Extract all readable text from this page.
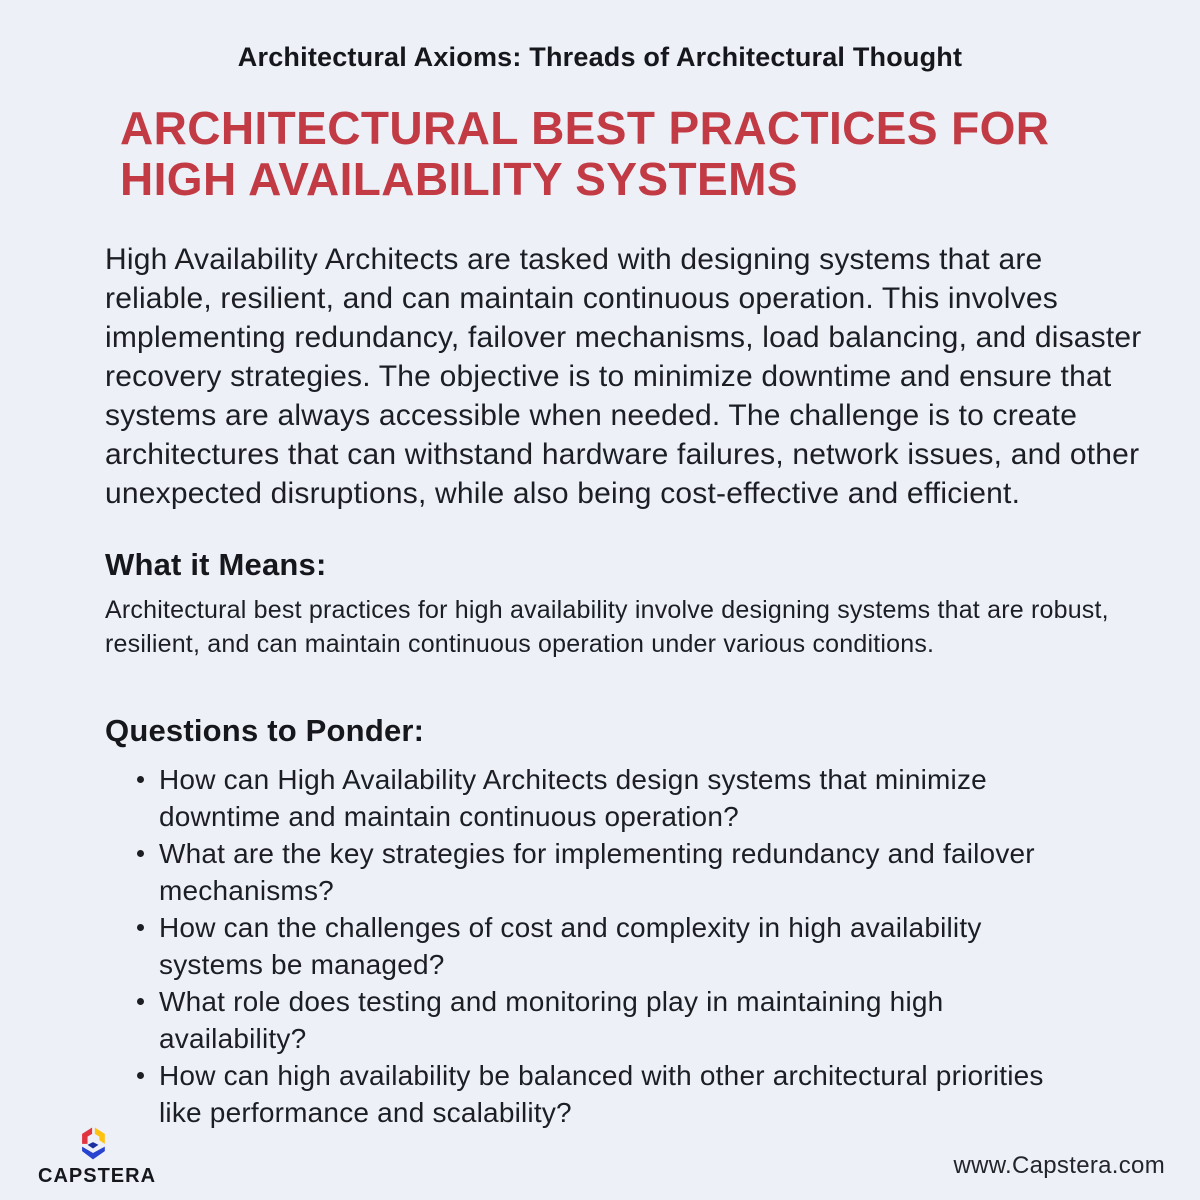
Architectural Axioms: Threads of Architectural Thought
ARCHITECTURAL BEST PRACTICES FOR
HIGH AVAILABILITY SYSTEMS

High Availability Architects are tasked with designing systems that are reliable, resilient, and can maintain continuous operation. This involves implementing redundancy, failover mechanisms, load balancing, and disaster recovery strategies. The objective is to minimize downtime and ensure that systems are always accessible when needed. The challenge is to create architectures that can withstand hardware failures, network issues, and other unexpected disruptions, while also being cost-effective and efficient.

What it Means:

Architectural best practices for high availability involve designing systems that are robust, resilient, and can maintain continuous operation under various conditions.

Questions to Ponder:
How can High Availability Architects design systems that minimize downtime and maintain continuous operation?
What are the key strategies for implementing redundancy and failover mechanisms?
How can the challenges of cost and complexity in high availability systems be managed?
What role does testing and monitoring play in maintaining high availability?
How can high availability be balanced with other architectural priorities like performance and scalability?
CAPSTERA	www.Capstera.com
